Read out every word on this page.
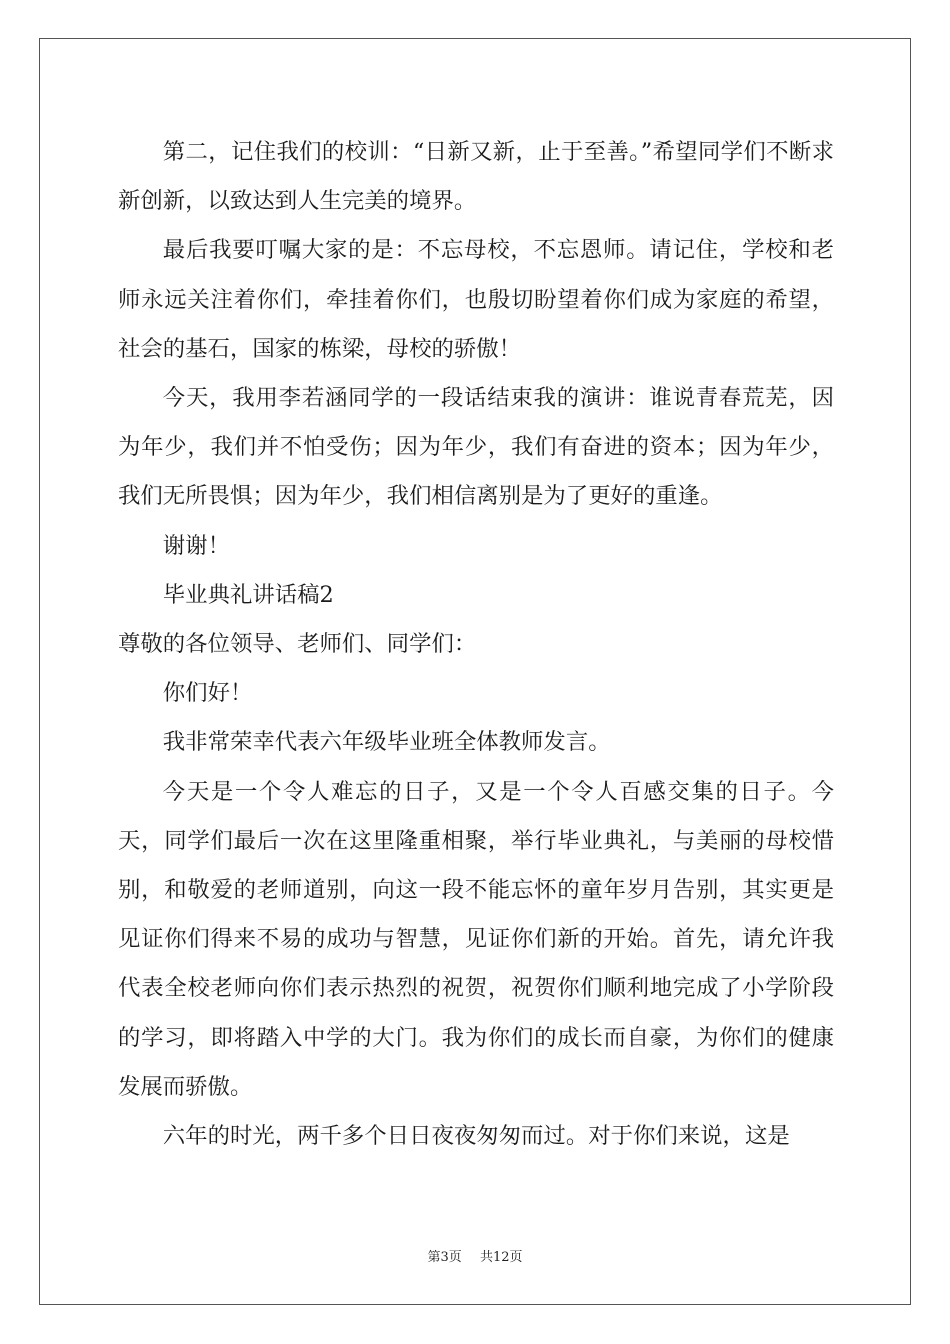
第二，记住我们的校训：“日新又新，止于至善。”希望同学们不断求新创新，以致达到人生完美的境界。

最后我要叮嘱大家的是：不忘母校，不忘恩师。请记住，学校和老师永远关注着你们，牵挂着你们，也殷切盼望着你们成为家庭的希望，社会的基石，国家的栋梁，母校的骄傲！

今天，我用李若涵同学的一段话结束我的演讲：谁说青春荒芜，因为年少，我们并不怕受伤；因为年少，我们有奋进的资本；因为年少，我们无所畏惧；因为年少，我们相信离别是为了更好的重逢。

谢谢！

毕业典礼讲话稿2

尊敬的各位领导、老师们、同学们：

你们好！

我非常荣幸代表六年级毕业班全体教师发言。

今天是一个令人难忘的日子，又是一个令人百感交集的日子。今天，同学们最后一次在这里隆重相聚，举行毕业典礼，与美丽的母校惜别，和敬爱的老师道别，向这一段不能忘怀的童年岁月告别，其实更是见证你们得来不易的成功与智慧，见证你们新的开始。首先，请允许我代表全校老师向你们表示热烈的祝贺，祝贺你们顺利地完成了小学阶段的学习，即将踏入中学的大门。我为你们的成长而自豪，为你们的健康发展而骄傲。

六年的时光，两千多个日日夜夜匆匆而过。对于你们来说，这是

第3页 共12页
